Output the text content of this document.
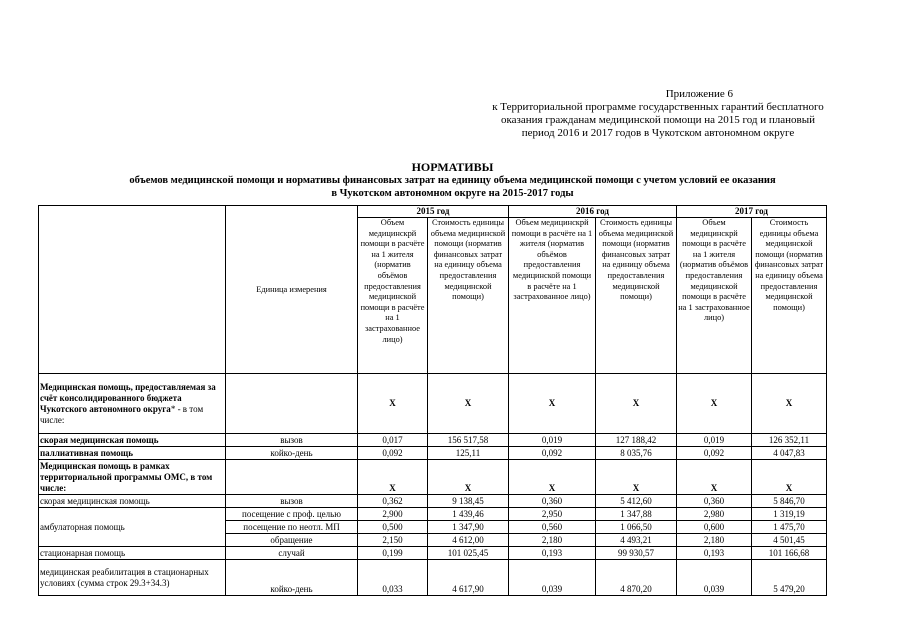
Приложение 6
к Территориальной программе государственных гарантий бесплатного
оказания гражданам медицинской помощи на 2015 год и плановый
период 2016 и 2017 годов в Чукотском автономном округе
НОРМАТИВЫ
объемов медицинской помощи и нормативы финансовых затрат на единицу объема медицинской помощи с учетом условий ее оказания
в Чукотском автономном округе на 2015-2017 годы
	Единица измерения	2015 год		2016 год		2017 год	
		Объем медицинскрй помощи в расчёте на 1 жителя (норматив объёмов предоставления медицинской помощи в расчёте на 1 застрахованное лицо)	Стоимость единицы объема медицинской помощи (норматив финансовых затрат на единицу объема предоставления медицинской помощи)	Объем медицинскрй помощи в расчёте на 1 жителя (норматив объёмов предоставления медицинской помощи в расчёте на 1 застрахованное лицо)	Стоимость единицы объема медицинской помощи (норматив финансовых затрат на единицу объема предоставления медицинской помощи)	Объем медицинскрй помощи в расчёте на 1 жителя (норматив объёмов предоставления медицинской помощи в расчёте на 1 застрахованное лицо)	Стоимость единицы объема медицинской помощи (норматив финансовых затрат на единицу объема предоставления медицинской помощи)
Медицинская помощь, предоставляемая за счёт консолидированного бюджета Чукотского автономного округа* - в том числе:		X	X	X	X	X	X
скорая медицинская помощь	вызов	0,017	156 517,58	0,019	127 188,42	0,019	126 352,11
паллиативная помощь	койко-день	0,092	125,11	0,092	8 035,76	0,092	4 047,83
Медицинская помощь в рамках территориальной программы ОМС, в том числе:		X	X	X	X	X	X
скорая медицинская помощь	вызов	0,362	9 138,45	0,360	5 412,60	0,360	5 846,70
амбулаторная помощь	посещение с проф. целью	2,900	1 439,46	2,950	1 347,88	2,980	1 319,19
	посещение по неотл. МП	0,500	1 347,90	0,560	1 066,50	0,600	1 475,70
	обращение	2,150	4 612,00	2,180	4 493,21	2,180	4 501,45
стационарная помощь	случай	0,199	101 025,45	0,193	99 930,57	0,193	101 166,68
медицинская реабилитация в стационарных условиях (сумма строк 29.3+34.3)	койко-день	0,033	4 617,90	0,039	4 870,20	0,039	5 479,20
